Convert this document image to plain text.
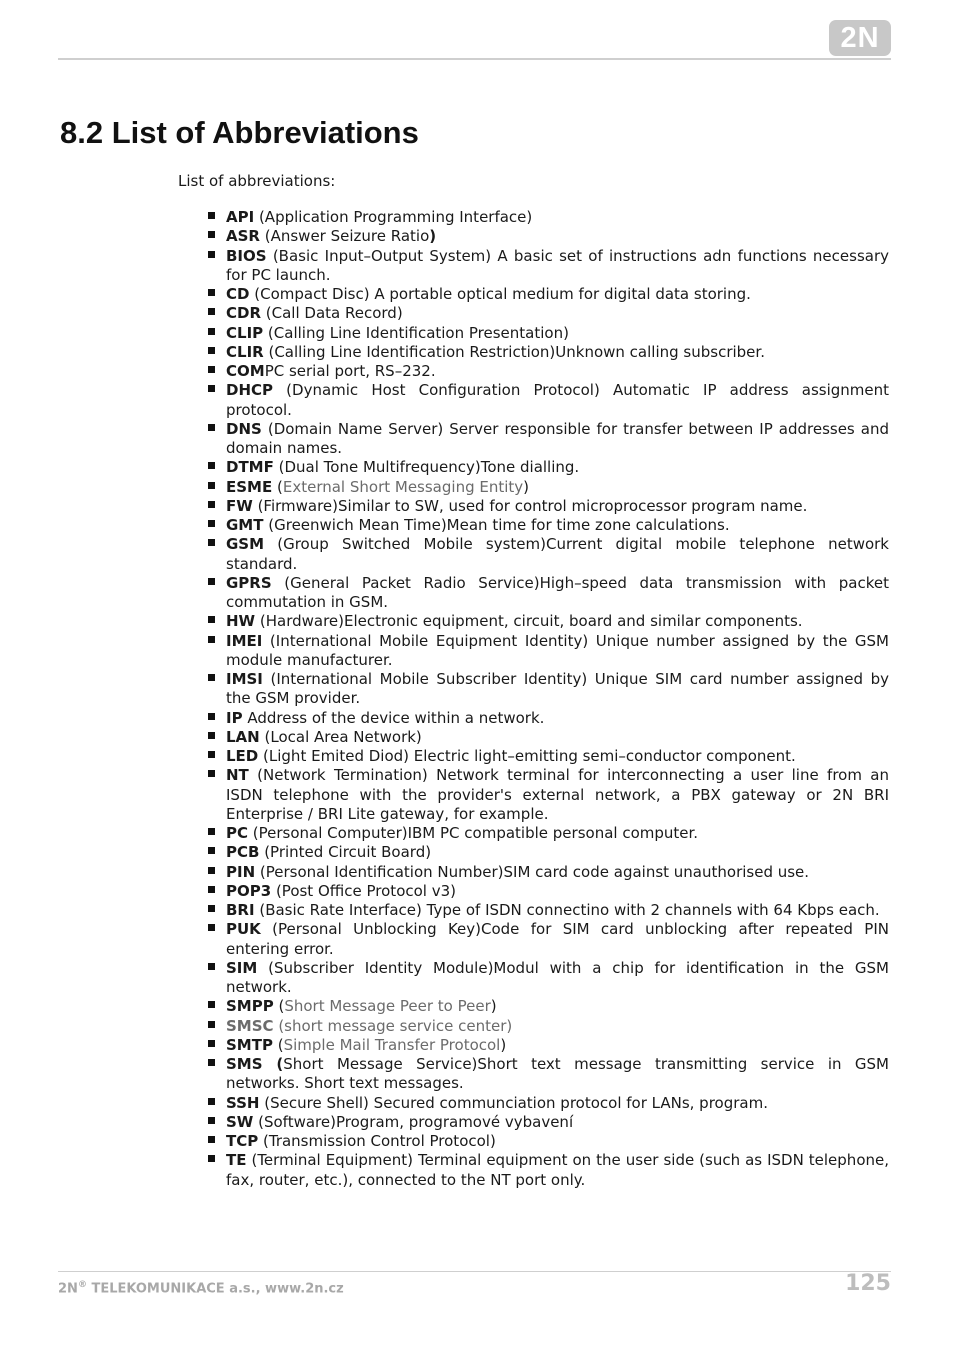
2N
8.2 List of Abbreviations

List of abbreviations:

API (Application Programming Interface)
ASR (Answer Seizure Ratio)
BIOS (Basic Input–Output System) A basic set of instructions adn functions necessary for PC launch.
CD (Compact Disc) A portable optical medium for digital data storing.
CDR (Call Data Record)
CLIP (Calling Line Identification Presentation)
CLIR (Calling Line Identification Restriction)Unknown calling subscriber.
COMPC serial port, RS–232.
DHCP (Dynamic Host Configuration Protocol) Automatic IP address assignment protocol.
DNS (Domain Name Server) Server responsible for transfer between IP addresses and domain names.
DTMF (Dual Tone Multifrequency)Tone dialling.
ESME (External Short Messaging Entity)
FW (Firmware)Similar to SW, used for control microprocessor program name.
GMT (Greenwich Mean Time)Mean time for time zone calculations.
GSM (Group Switched Mobile system)Current digital mobile telephone network standard.
GPRS (General Packet Radio Service)High–speed data transmission with packet commutation in GSM.
HW (Hardware)Electronic equipment, circuit, board and similar components.
IMEI (International Mobile Equipment Identity) Unique number assigned by the GSM module manufacturer.
IMSI (International Mobile Subscriber Identity) Unique SIM card number assigned by the GSM provider.
IP Address of the device within a network.
LAN (Local Area Network)
LED (Light Emited Diod) Electric light–emitting semi–conductor component.
NT (Network Termination) Network terminal for interconnecting a user line from an ISDN telephone with the provider's external network, a PBX gateway or 2N BRI Enterprise / BRI Lite gateway, for example.
PC (Personal Computer)IBM PC compatible personal computer.
PCB (Printed Circuit Board)
PIN (Personal Identification Number)SIM card code against unauthorised use.
POP3 (Post Office Protocol v3)
BRI (Basic Rate Interface) Type of ISDN connectino with 2 channels with 64 Kbps each.
PUK (Personal Unblocking Key)Code for SIM card unblocking after repeated PIN entering error.
SIM (Subscriber Identity Module)Modul with a chip for identification in the GSM network.
SMPP (Short Message Peer to Peer)
SMSC (short message service center)
SMTP (Simple Mail Transfer Protocol)
SMS (Short Message Service)Short text message transmitting service in GSM networks. Short text messages.
SSH (Secure Shell) Secured communciation protocol for LANs, program.
SW (Software)Program, programové vybavení
TCP (Transmission Control Protocol)
TE (Terminal Equipment) Terminal equipment on the user side (such as ISDN telephone, fax, router, etc.), connected to the NT port only.
2N® TELEKOMUNIKACE a.s., www.2n.cz	125
